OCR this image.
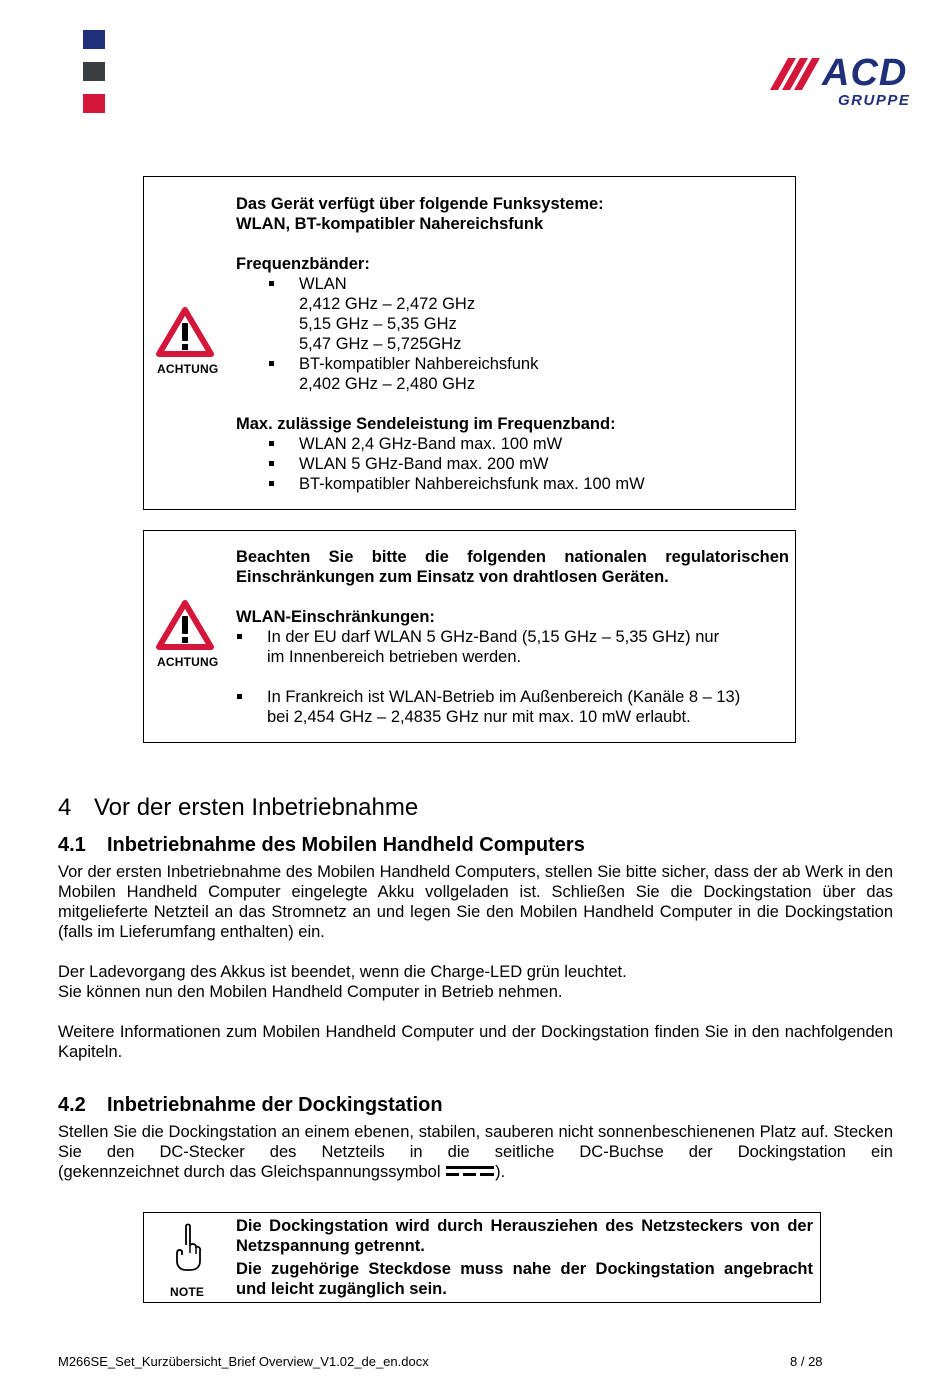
ACD
GRUPPE
ACHTUNG
Das Gerät verfügt über folgende Funksysteme:
WLAN, BT-kompatibler Nahereichsfunk
Frequenzbänder:
WLAN
2,412 GHz – 2,472 GHz
5,15 GHz – 5,35 GHz
5,47 GHz – 5,725GHz
BT-kompatibler Nahbereichsfunk
2,402 GHz – 2,480 GHz
Max. zulässige Sendeleistung im Frequenzband:
WLAN 2,4 GHz-Band max. 100 mW
WLAN 5 GHz-Band max. 200 mW
BT-kompatibler Nahbereichsfunk max. 100 mW
ACHTUNG
Beachten Sie bitte die folgenden nationalen regulatorischen Einschränkungen zum Einsatz von drahtlosen Geräten.
WLAN-Einschränkungen:
In der EU darf WLAN 5 GHz-Band (5,15 GHz – 5,35 GHz) nur
im Innenbereich betrieben werden.
In Frankreich ist WLAN-Betrieb im Außenbereich (Kanäle 8 – 13)
bei 2,454 GHz – 2,4835 GHz nur mit max. 10 mW erlaubt.
4 Vor der ersten Inbetriebnahme
4.1 Inbetriebnahme des Mobilen Handheld Computers
Vor der ersten Inbetriebnahme des Mobilen Handheld Computers, stellen Sie bitte sicher, dass der ab Werk in den Mobilen Handheld Computer eingelegte Akku vollgeladen ist. Schließen Sie die Dockingstation über das mitgelieferte Netzteil an das Stromnetz an und legen Sie den Mobilen Handheld Computer in die Dockingstation (falls im Lieferumfang enthalten) ein.
Der Ladevorgang des Akkus ist beendet, wenn die Charge-LED grün leuchtet.
Sie können nun den Mobilen Handheld Computer in Betrieb nehmen.
Weitere Informationen zum Mobilen Handheld Computer und der Dockingstation finden Sie in den nachfolgenden Kapiteln.
4.2 Inbetriebnahme der Dockingstation
Stellen Sie die Dockingstation an einem ebenen, stabilen, sauberen nicht sonnenbeschienenen Platz auf. Stecken Sie den DC-Stecker des Netzteils in die seitliche DC-Buchse der Dockingstation ein
(gekennzeichnet durch das Gleichspannungssymbol	).
NOTE
Die Dockingstation wird durch Herausziehen des Netzsteckers von der Netzspannung getrennt.
Die zugehörige Steckdose muss nahe der Dockingstation angebracht und leicht zugänglich sein.
M266SE_Set_Kurzübersicht_Brief Overview_V1.02_de_en.docx	8 / 28
